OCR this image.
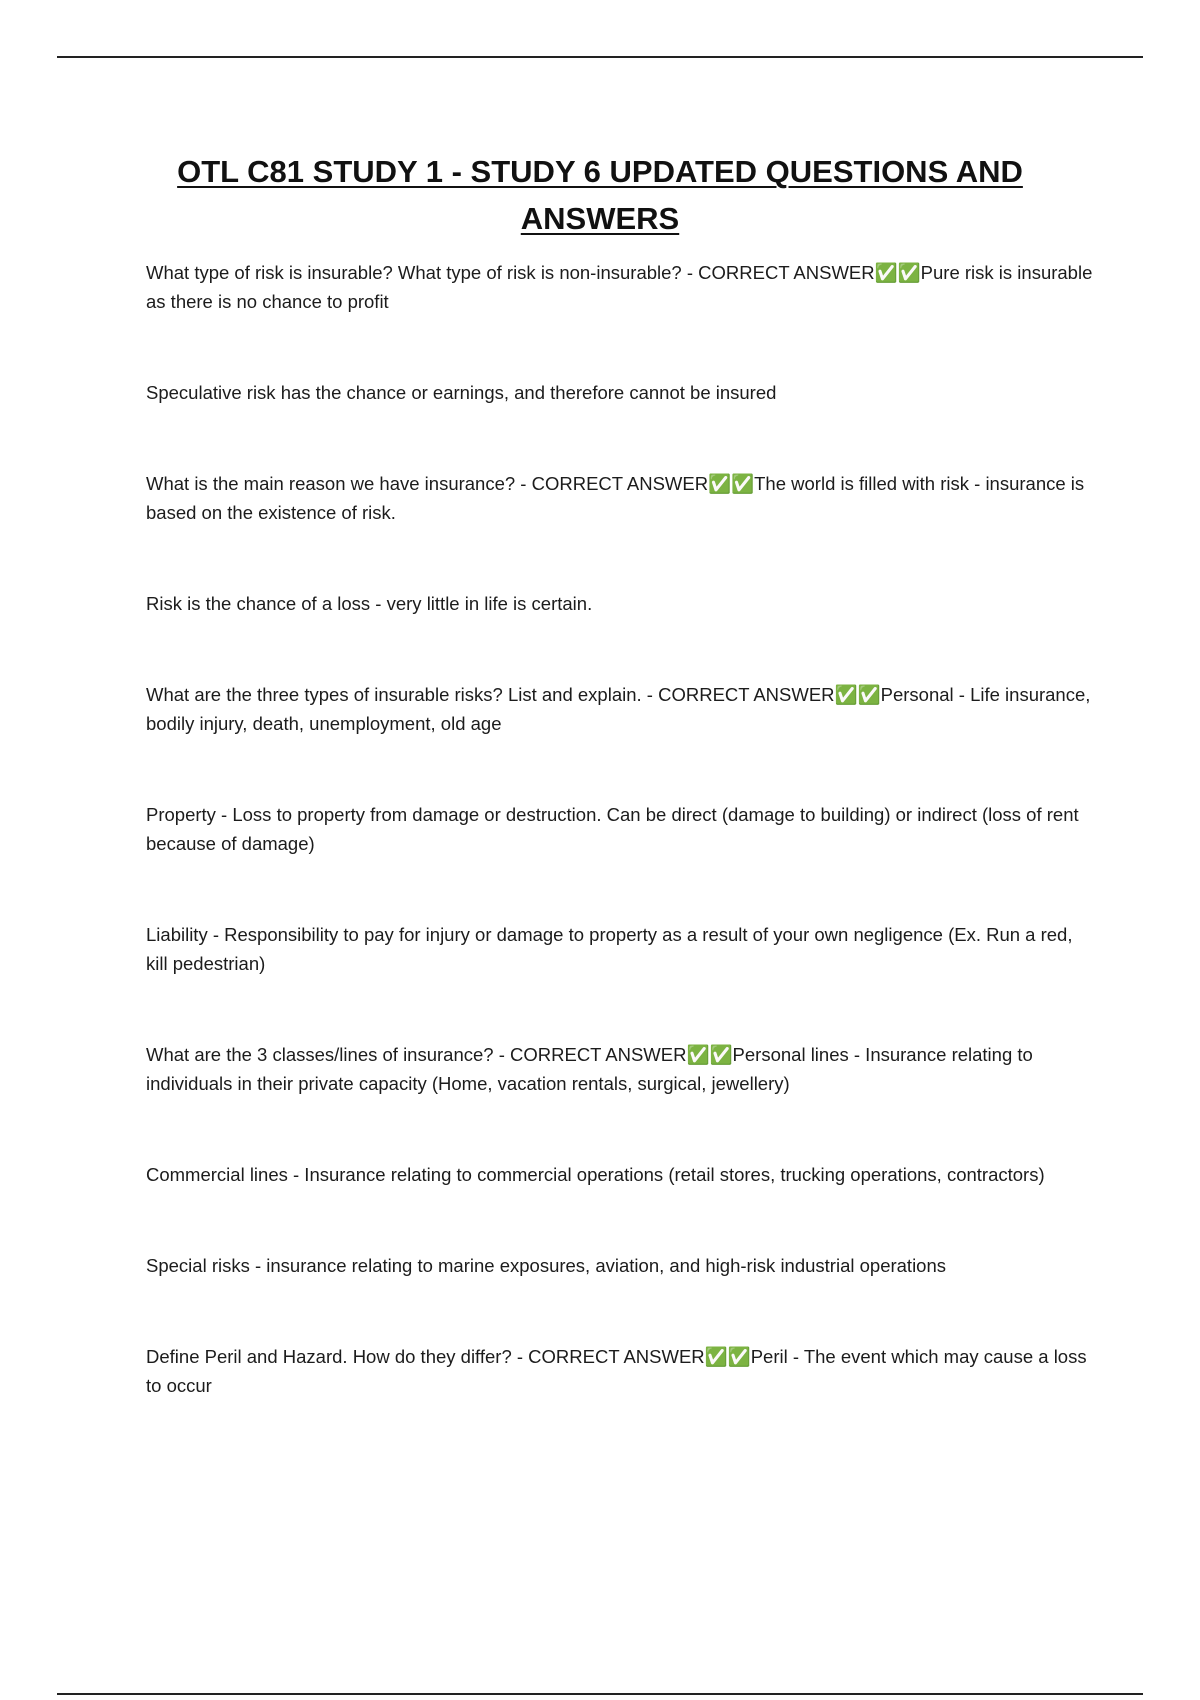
OTL C81 STUDY 1 - STUDY 6 UPDATED QUESTIONS AND ANSWERS

What type of risk is insurable? What type of risk is non-insurable? - CORRECT ANSWER✅✅Pure risk is insurable as there is no chance to profit

Speculative risk has the chance or earnings, and therefore cannot be insured

What is the main reason we have insurance? - CORRECT ANSWER✅✅The world is filled with risk - insurance is based on the existence of risk.

Risk is the chance of a loss - very little in life is certain.

What are the three types of insurable risks? List and explain. - CORRECT ANSWER✅✅Personal - Life insurance, bodily injury, death, unemployment, old age

Property - Loss to property from damage or destruction. Can be direct (damage to building) or indirect (loss of rent because of damage)

Liability - Responsibility to pay for injury or damage to property as a result of your own negligence (Ex. Run a red, kill pedestrian)

What are the 3 classes/lines of insurance? - CORRECT ANSWER✅✅Personal lines - Insurance relating to individuals in their private capacity (Home, vacation rentals, surgical, jewellery)

Commercial lines - Insurance relating to commercial operations (retail stores, trucking operations, contractors)

Special risks - insurance relating to marine exposures, aviation, and high-risk industrial operations

Define Peril and Hazard. How do they differ? - CORRECT ANSWER✅✅Peril - The event which may cause a loss to occur
